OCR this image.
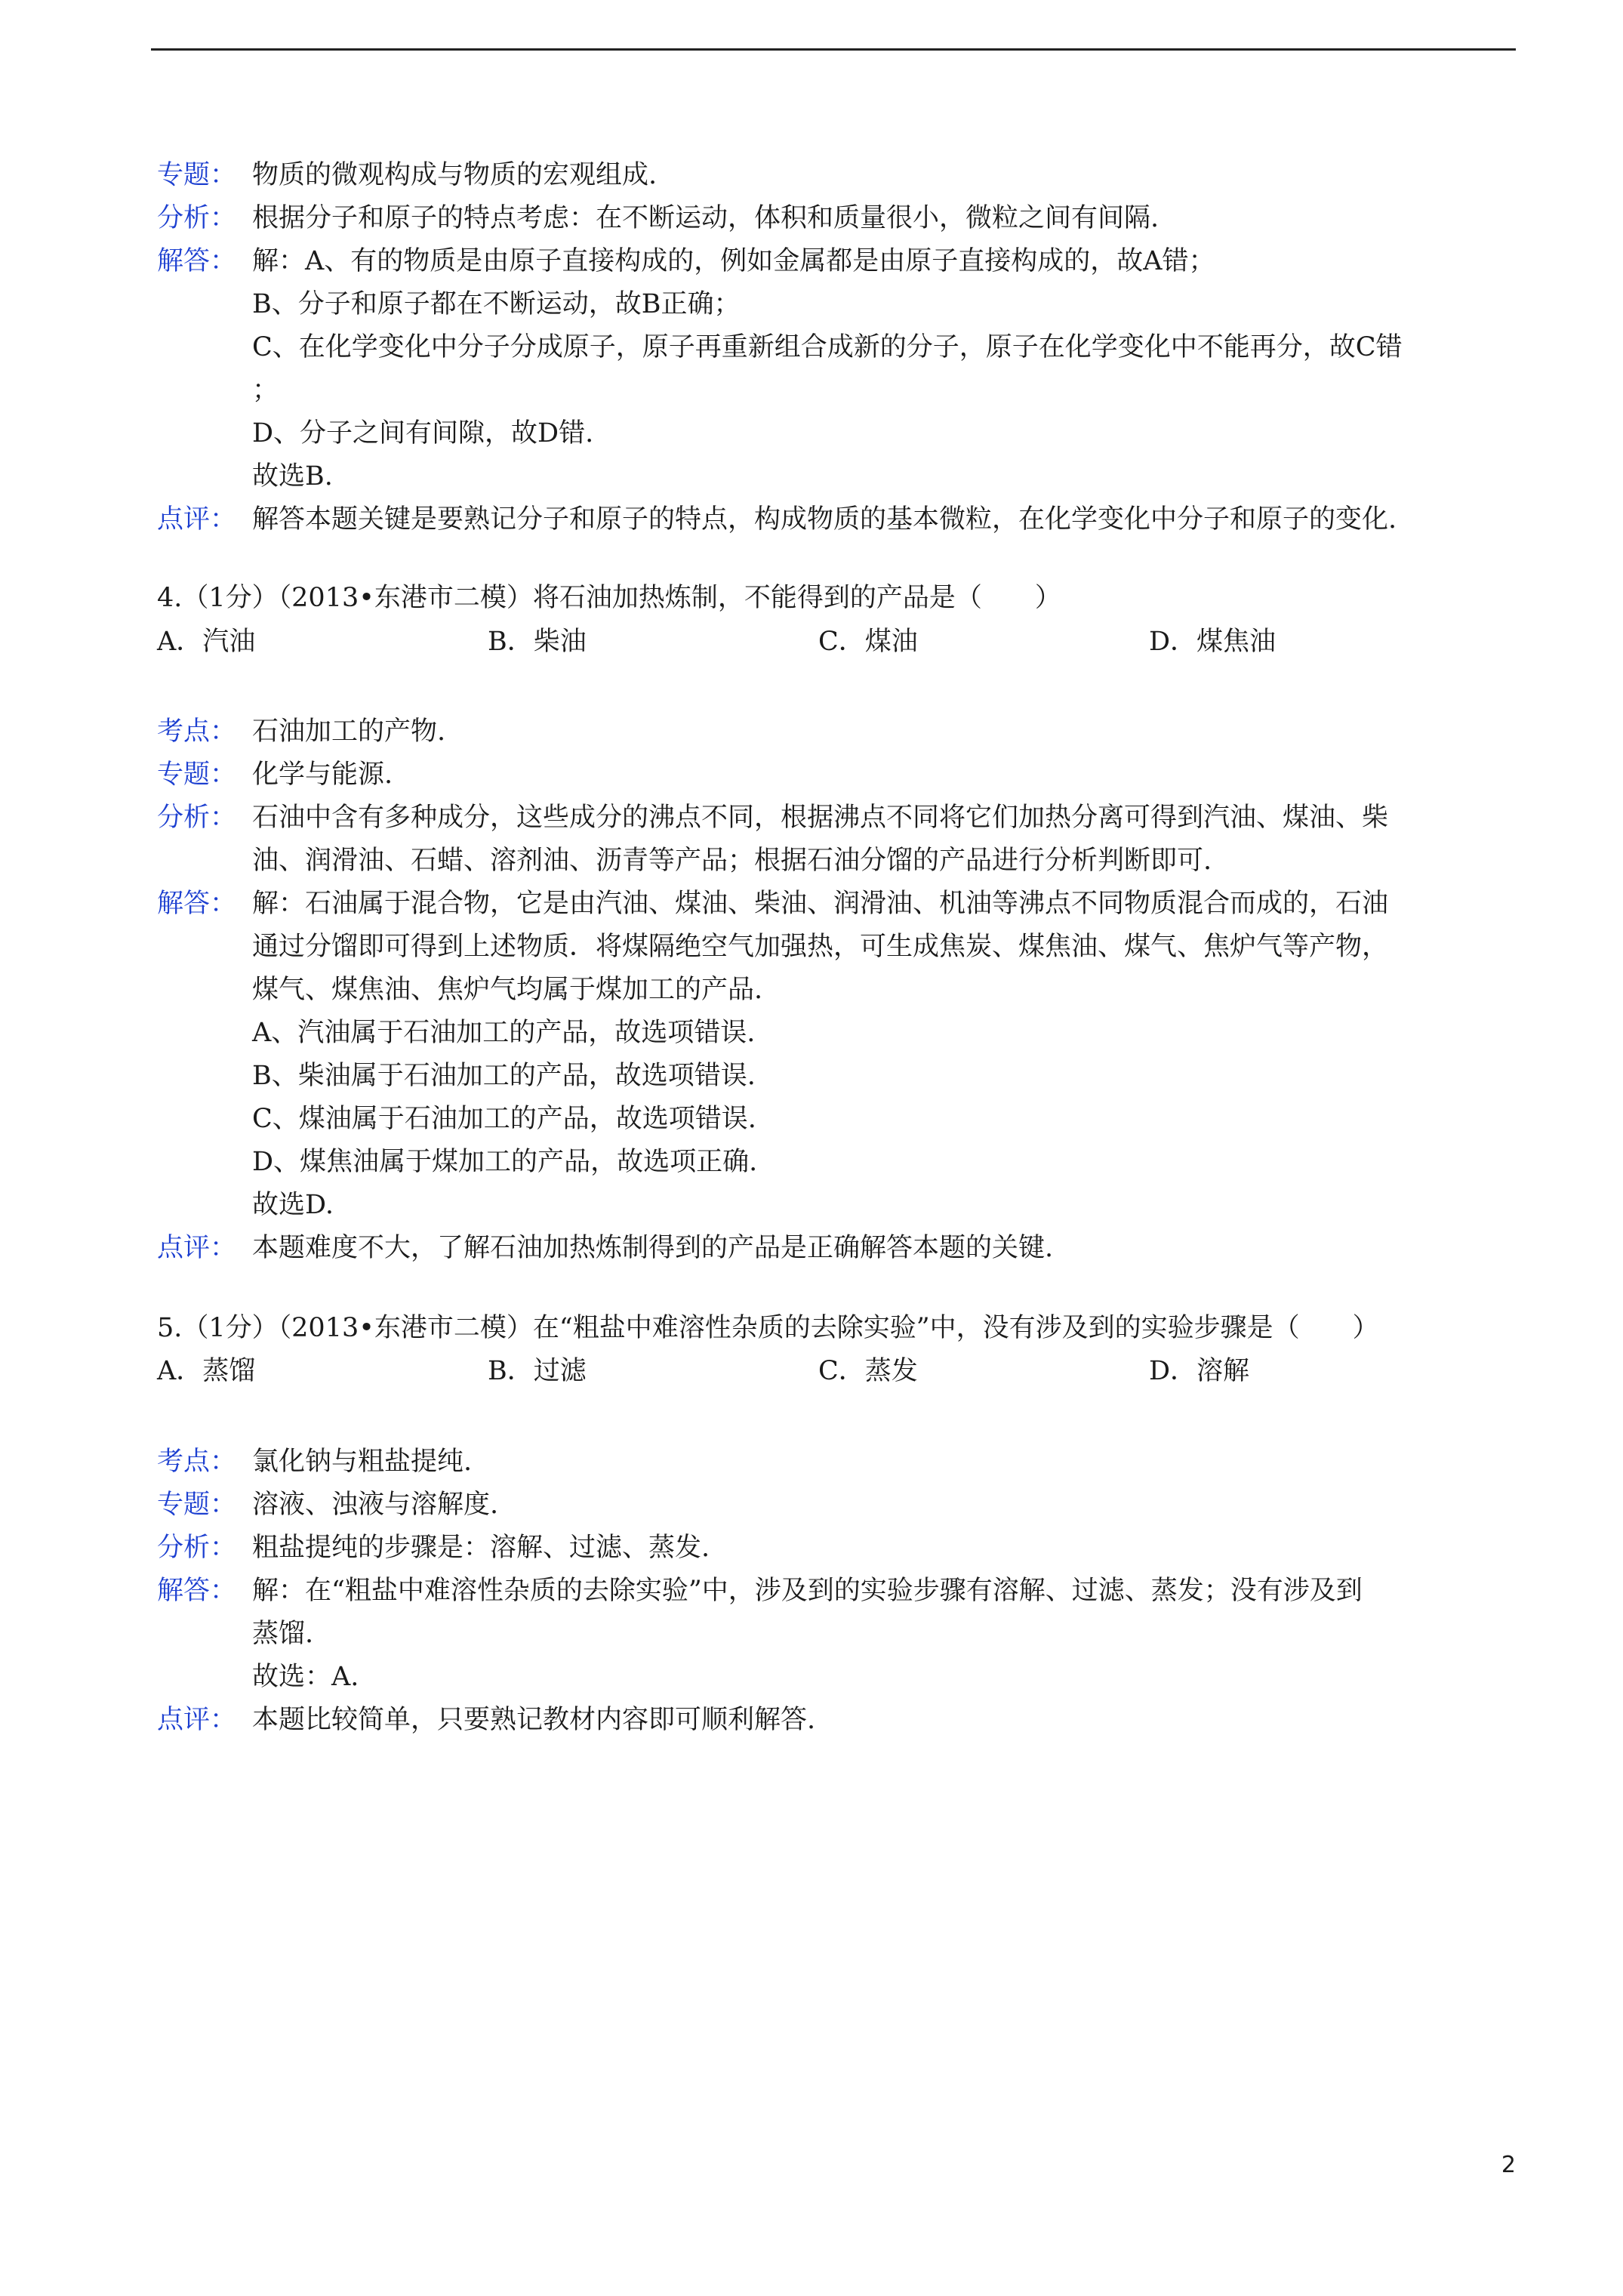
专题： 物质的微观构成与物质的宏观组成.
分析： 根据分子和原子的特点考虑：在不断运动，体积和质量很小，微粒之间有间隔.
解答： 解：A、有的物质是由原子直接构成的，例如金属都是由原子直接构成的，故A错；
B、分子和原子都在不断运动，故B正确；
C、在化学变化中分子分成原子，原子再重新组合成新的分子，原子在化学变化中不能再分，故C错
；
D、分子之间有间隙，故D错.
故选B.
点评： 解答本题关键是要熟记分子和原子的特点，构成物质的基本微粒，在化学变化中分子和原子的变化.
4.（1分）（2013•东港市二模）将石油加热炼制，不能得到的产品是（　　）
A．汽油	B．柴油	C．煤油	D．煤焦油
考点： 石油加工的产物.
专题： 化学与能源.
分析： 石油中含有多种成分，这些成分的沸点不同，根据沸点不同将它们加热分离可得到汽油、煤油、柴
油、润滑油、石蜡、溶剂油、沥青等产品；根据石油分馏的产品进行分析判断即可.
解答： 解：石油属于混合物，它是由汽油、煤油、柴油、润滑油、机油等沸点不同物质混合而成的，石油
通过分馏即可得到上述物质．将煤隔绝空气加强热，可生成焦炭、煤焦油、煤气、焦炉气等产物，
煤气、煤焦油、焦炉气均属于煤加工的产品.
A、汽油属于石油加工的产品，故选项错误.
B、柴油属于石油加工的产品，故选项错误.
C、煤油属于石油加工的产品，故选项错误.
D、煤焦油属于煤加工的产品，故选项正确.
故选D.
点评： 本题难度不大，了解石油加热炼制得到的产品是正确解答本题的关键.
5.（1分）（2013•东港市二模）在“粗盐中难溶性杂质的去除实验”中，没有涉及到的实验步骤是（　　）
A．蒸馏	B．过滤	C．蒸发	D．溶解
考点： 氯化钠与粗盐提纯.
专题： 溶液、浊液与溶解度.
分析： 粗盐提纯的步骤是：溶解、过滤、蒸发.
解答： 解：在“粗盐中难溶性杂质的去除实验”中，涉及到的实验步骤有溶解、过滤、蒸发；没有涉及到
蒸馏.
故选：A.
点评： 本题比较简单，只要熟记教材内容即可顺利解答.
2
